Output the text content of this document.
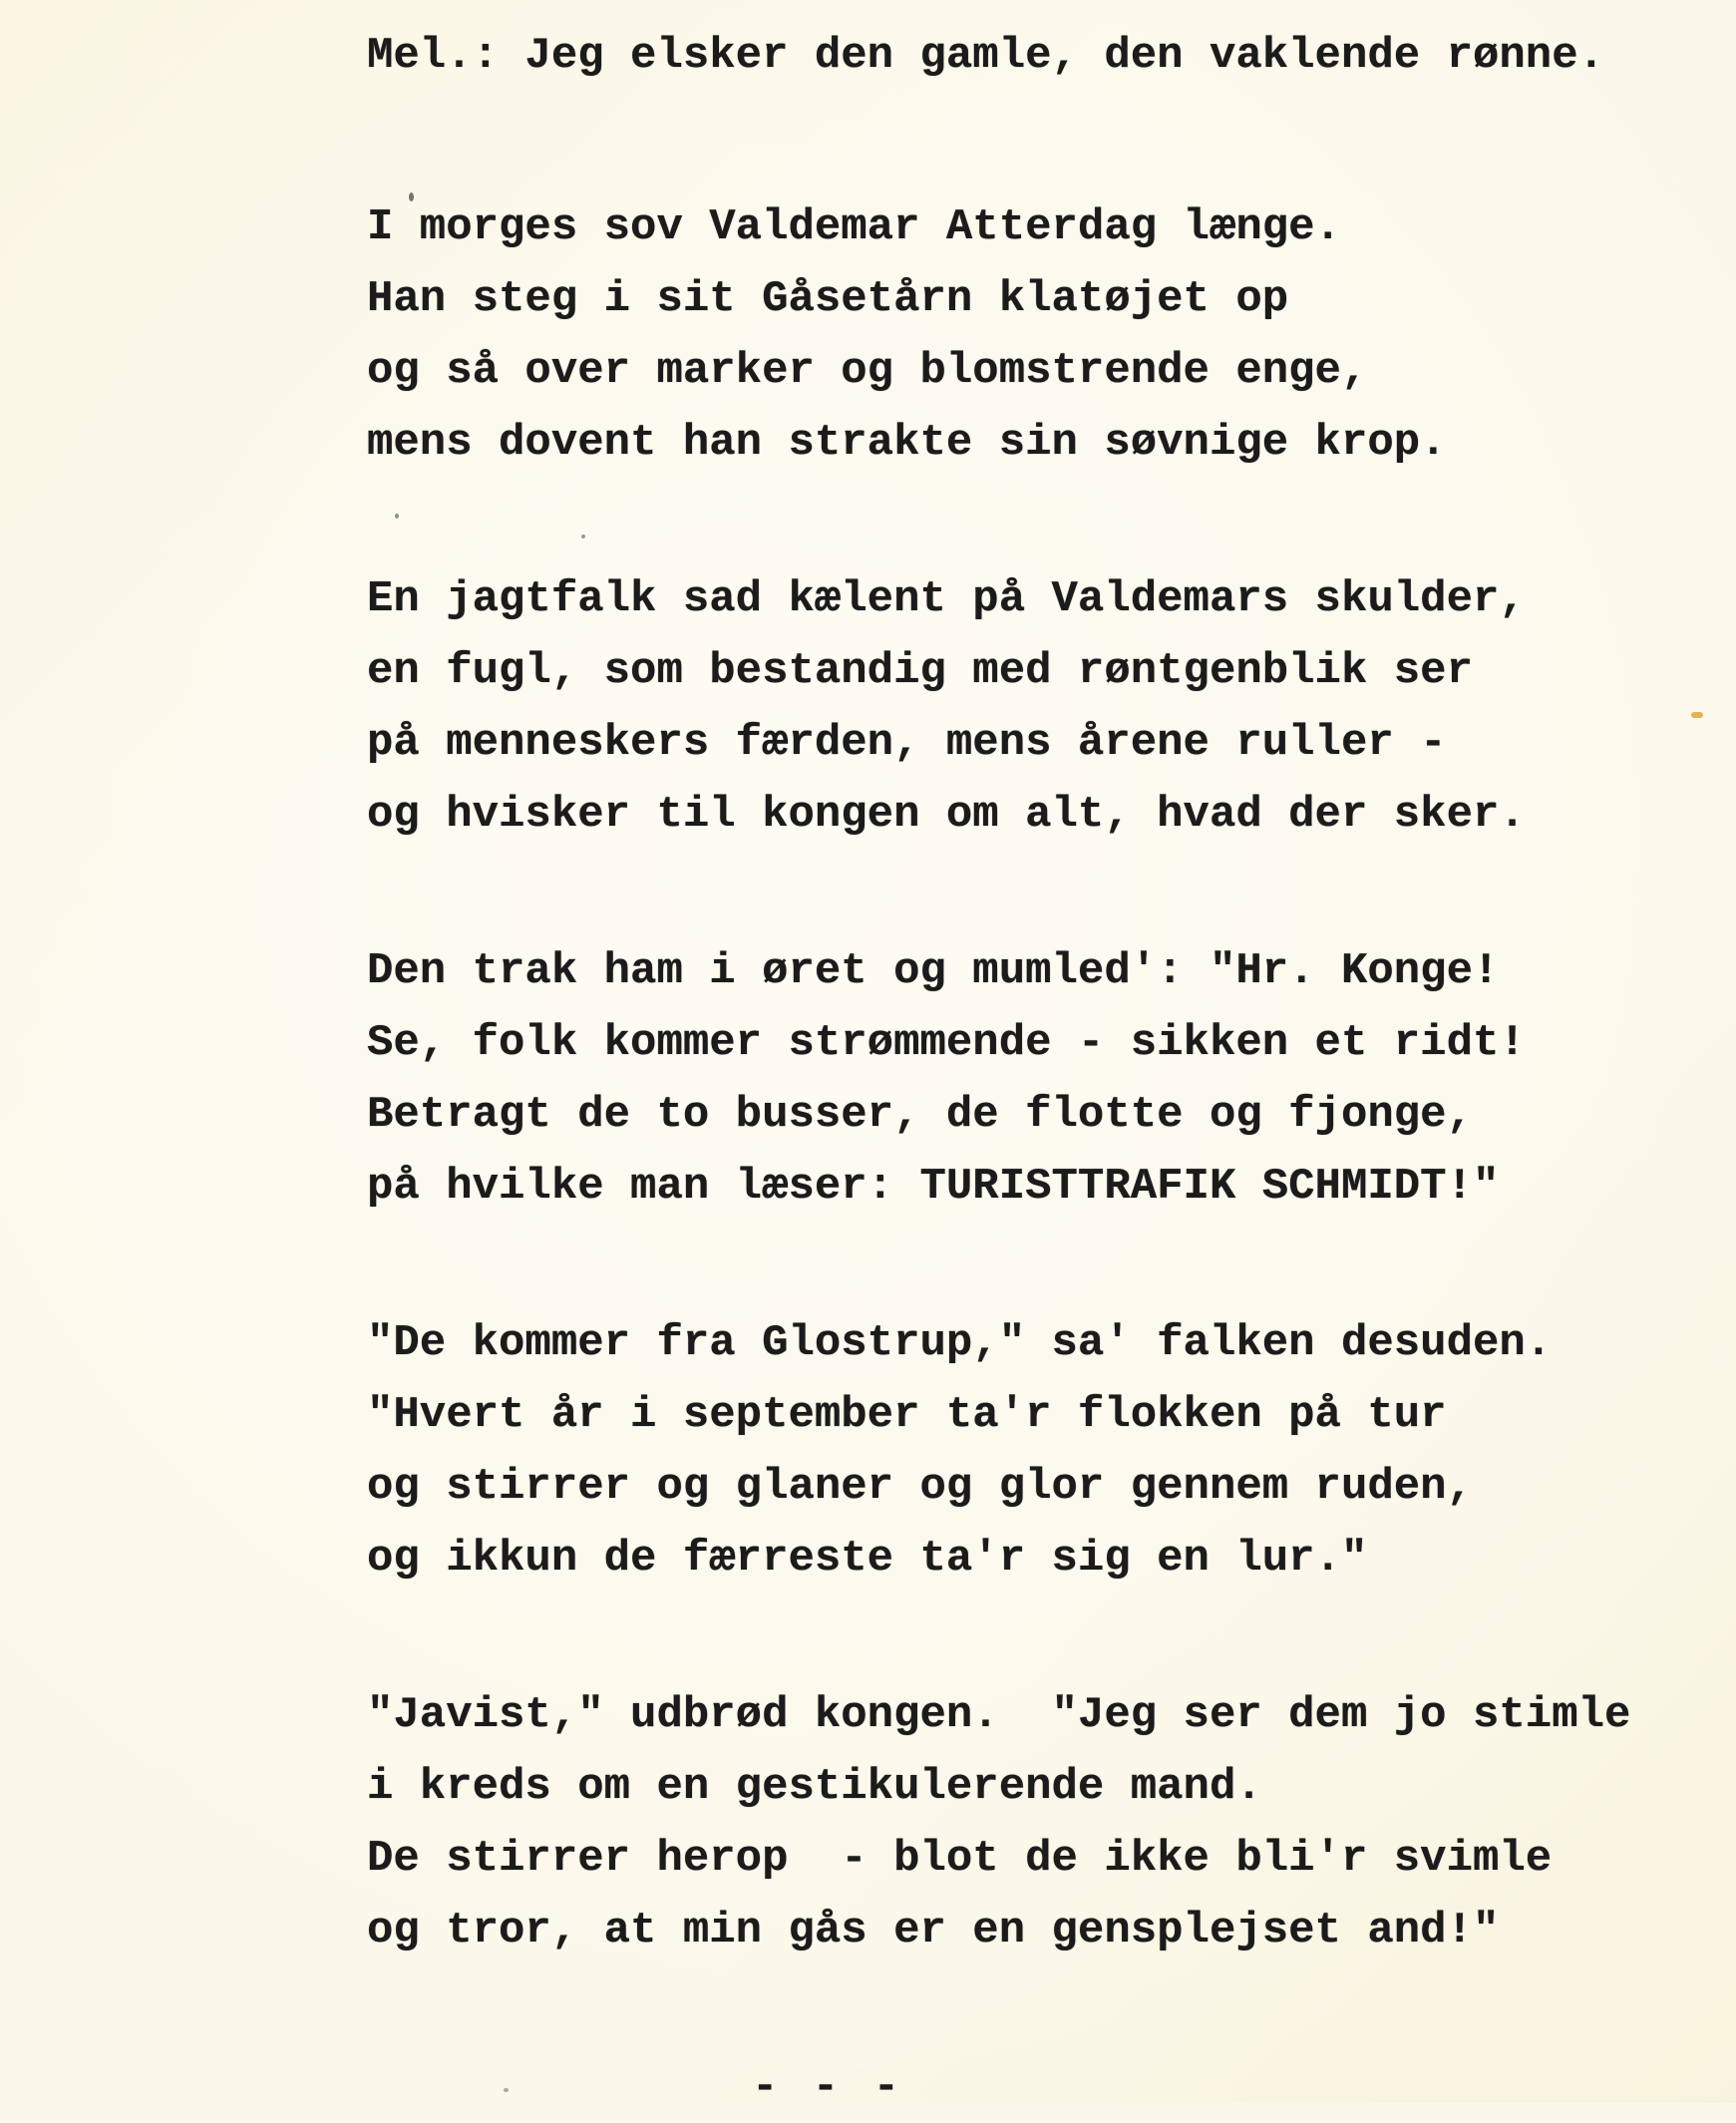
Mel.: Jeg elsker den gamle, den vaklende rønne.

I morges sov Valdemar Atterdag længe.

Han steg i sit Gåsetårn klatøjet op

og så over marker og blomstrende enge,

mens dovent han strakte sin søvnige krop.

En jagtfalk sad kælent på Valdemars skulder,

en fugl, som bestandig med røntgenblik ser

på menneskers færden, mens årene ruller -

og hvisker til kongen om alt, hvad der sker.

Den trak ham i øret og mumled': "Hr. Konge!

Se, folk kommer strømmende - sikken et ridt!

Betragt de to busser, de flotte og fjonge,

på hvilke man læser: TURISTTRAFIK SCHMIDT!"

"De kommer fra Glostrup," sa' falken desuden.

"Hvert år i september ta'r flokken på tur

og stirrer og glaner og glor gennem ruden,

og ikkun de færreste ta'r sig en lur."

"Javist," udbrød kongen.  "Jeg ser dem jo stimle

i kreds om en gestikulerende mand.

De stirrer herop  - blot de ikke bli'r svimle

og tror, at min gås er en gensplejset and!"

- - -
